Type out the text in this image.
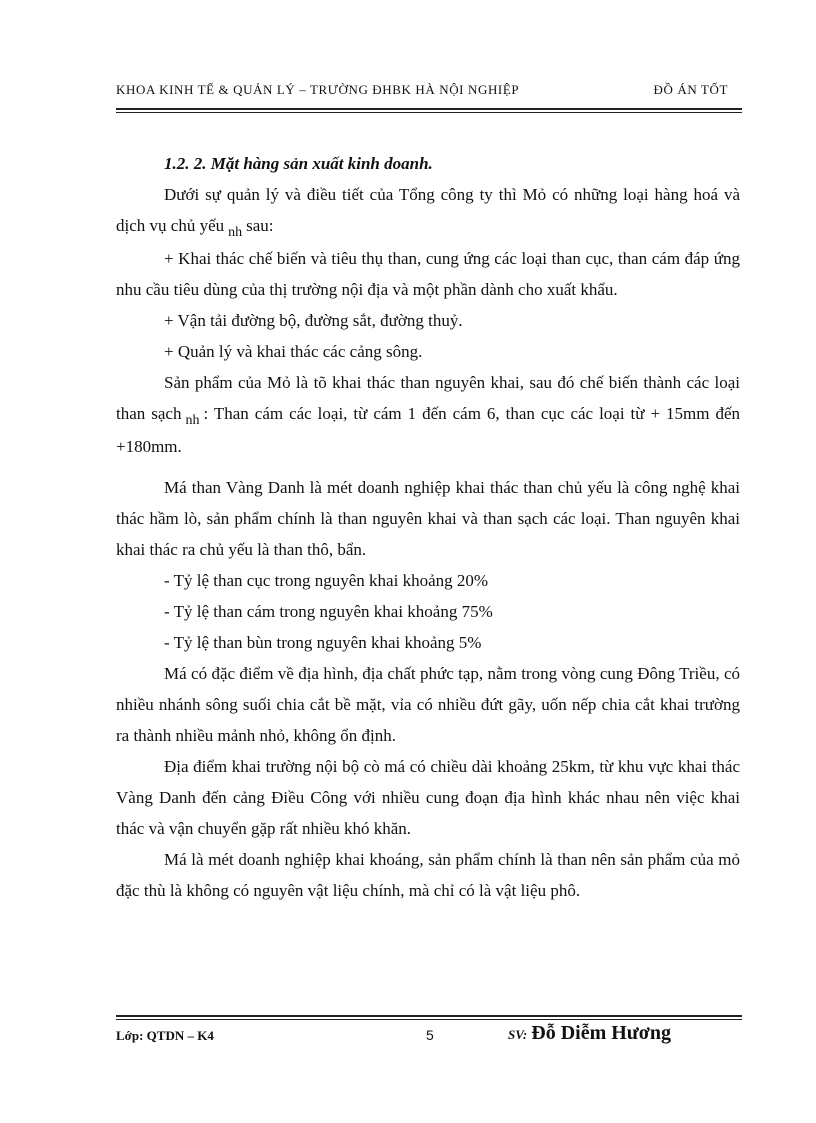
KHOA KINH TẾ & QUẢN LÝ – TRƯỜNG ĐHBK HÀ NỘI NGHIỆP	ĐỒ ÁN TỐT

1.2. 2. Mặt hàng sản xuất kinh doanh.

Dưới sự quản lý và điều tiết của Tổng công ty thì Mỏ có những loại hàng hoá và dịch vụ chủ yếu $_{nh}$ sau:

+ Khai thác chế biến và tiêu thụ than, cung ứng các loại than cục, than cám đáp ứng nhu cầu tiêu dùng của thị trường nội địa và một phần dành cho xuất khẩu.

+ Vận tải đường bộ, đường sắt, đường thuỷ.

+ Quản lý và khai thác các cảng sông.

Sản phẩm của Mỏ là tõ khai thác than nguyên khai, sau đó chế biến thành các loại than sạch $_{nh}$ : Than cám các loại, từ cám 1 đến cám 6, than cục các loại từ + 15mm đến +180mm.

Má than Vàng Danh là mét doanh nghiệp khai thác than chủ yếu là công nghệ khai thác hầm lò, sản phẩm chính là than nguyên khai và than sạch các loại. Than nguyên khai khai thác ra chủ yếu là than thô, bẩn.

- Tỷ lệ than cục trong nguyên khai khoảng 20%

- Tỷ lệ than cám trong nguyên khai khoảng 75%

- Tỷ lệ than bùn trong nguyên khai khoảng 5%

Má có đặc điểm về địa hình, địa chất phức tạp, nằm trong vòng cung Đông Triều, có nhiều nhánh sông suối chia cắt bề mặt, vỉa có nhiều đứt gãy, uốn nếp chia cắt khai trường ra thành nhiều mảnh nhỏ, không ổn định.

Địa điểm khai trường nội bộ cò má có chiều dài khoảng 25km, từ khu vực khai thác Vàng Danh đến cảng Điều Công với nhiều cung đoạn địa hình khác nhau nên việc khai thác và vận chuyển gặp rất nhiều khó khăn.

Má là mét doanh nghiệp khai khoáng, sản phẩm chính là than nên sản phẩm của mỏ đặc thù là không có nguyên vật liệu chính, mà chỉ có là vật liệu phô.

Lớp: QTDN – K4	5	SV: Đỗ Diễm Hương
